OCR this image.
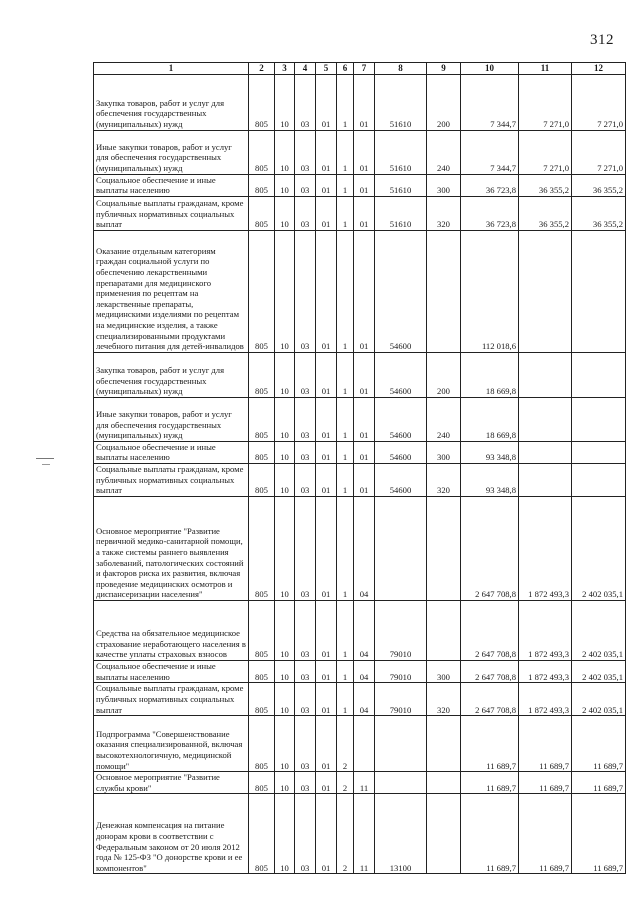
312
1	2	3	4	5	6	7	8	9	10	11	12
Закупка товаров, работ и услуг для обеспечения государственных (муниципальных) нужд	805	10	03	01	1	01	51610	200	7 344,7	7 271,0	7 271,0
Иные закупки товаров, работ и услуг для обеспечения государственных (муниципальных) нужд	805	10	03	01	1	01	51610	240	7 344,7	7 271,0	7 271,0
Социальное обеспечение и иные выплаты населению	805	10	03	01	1	01	51610	300	36 723,8	36 355,2	36 355,2
Социальные выплаты гражданам, кроме публичных нормативных социальных выплат	805	10	03	01	1	01	51610	320	36 723,8	36 355,2	36 355,2
Оказание отдельным категориям граждан социальной услуги по обеспечению лекарственными препаратами для медицинского применения по рецептам на лекарственные препараты, медицинскими изделиями по рецептам на медицинские изделия, а также специализированными продуктами лечебного питания для детей-инвалидов	805	10	03	01	1	01	54600		112 018,6		
Закупка товаров, работ и услуг для обеспечения государственных (муниципальных) нужд	805	10	03	01	1	01	54600	200	18 669,8		
Иные закупки товаров, работ и услуг для обеспечения государственных (муниципальных) нужд	805	10	03	01	1	01	54600	240	18 669,8		
Социальное обеспечение и иные выплаты населению	805	10	03	01	1	01	54600	300	93 348,8		
Социальные выплаты гражданам, кроме публичных нормативных социальных выплат	805	10	03	01	1	01	54600	320	93 348,8		
Основное мероприятие "Развитие первичной медико-санитарной помощи, а также системы раннего выявления заболеваний, патологических состояний и факторов риска их развития, включая проведение медицинских осмотров и диспансеризации населения"	805	10	03	01	1	04			2 647 708,8	1 872 493,3	2 402 035,1
Средства на обязательное медицинское страхование неработающего населения в качестве уплаты страховых взносов	805	10	03	01	1	04	79010		2 647 708,8	1 872 493,3	2 402 035,1
Социальное обеспечение и иные выплаты населению	805	10	03	01	1	04	79010	300	2 647 708,8	1 872 493,3	2 402 035,1
Социальные выплаты гражданам, кроме публичных нормативных социальных выплат	805	10	03	01	1	04	79010	320	2 647 708,8	1 872 493,3	2 402 035,1
Подпрограмма "Совершенствование оказания специализированной, включая высокотехнологичную, медицинской помощи"	805	10	03	01	2				11 689,7	11 689,7	11 689,7
Основное мероприятие "Развитие службы крови"	805	10	03	01	2	11			11 689,7	11 689,7	11 689,7
Денежная компенсация на питание донорам крови в соответствии с Федеральным законом от 20 июля 2012 года № 125-ФЗ "О донорстве крови и ее компонентов"	805	10	03	01	2	11	13100		11 689,7	11 689,7	11 689,7
